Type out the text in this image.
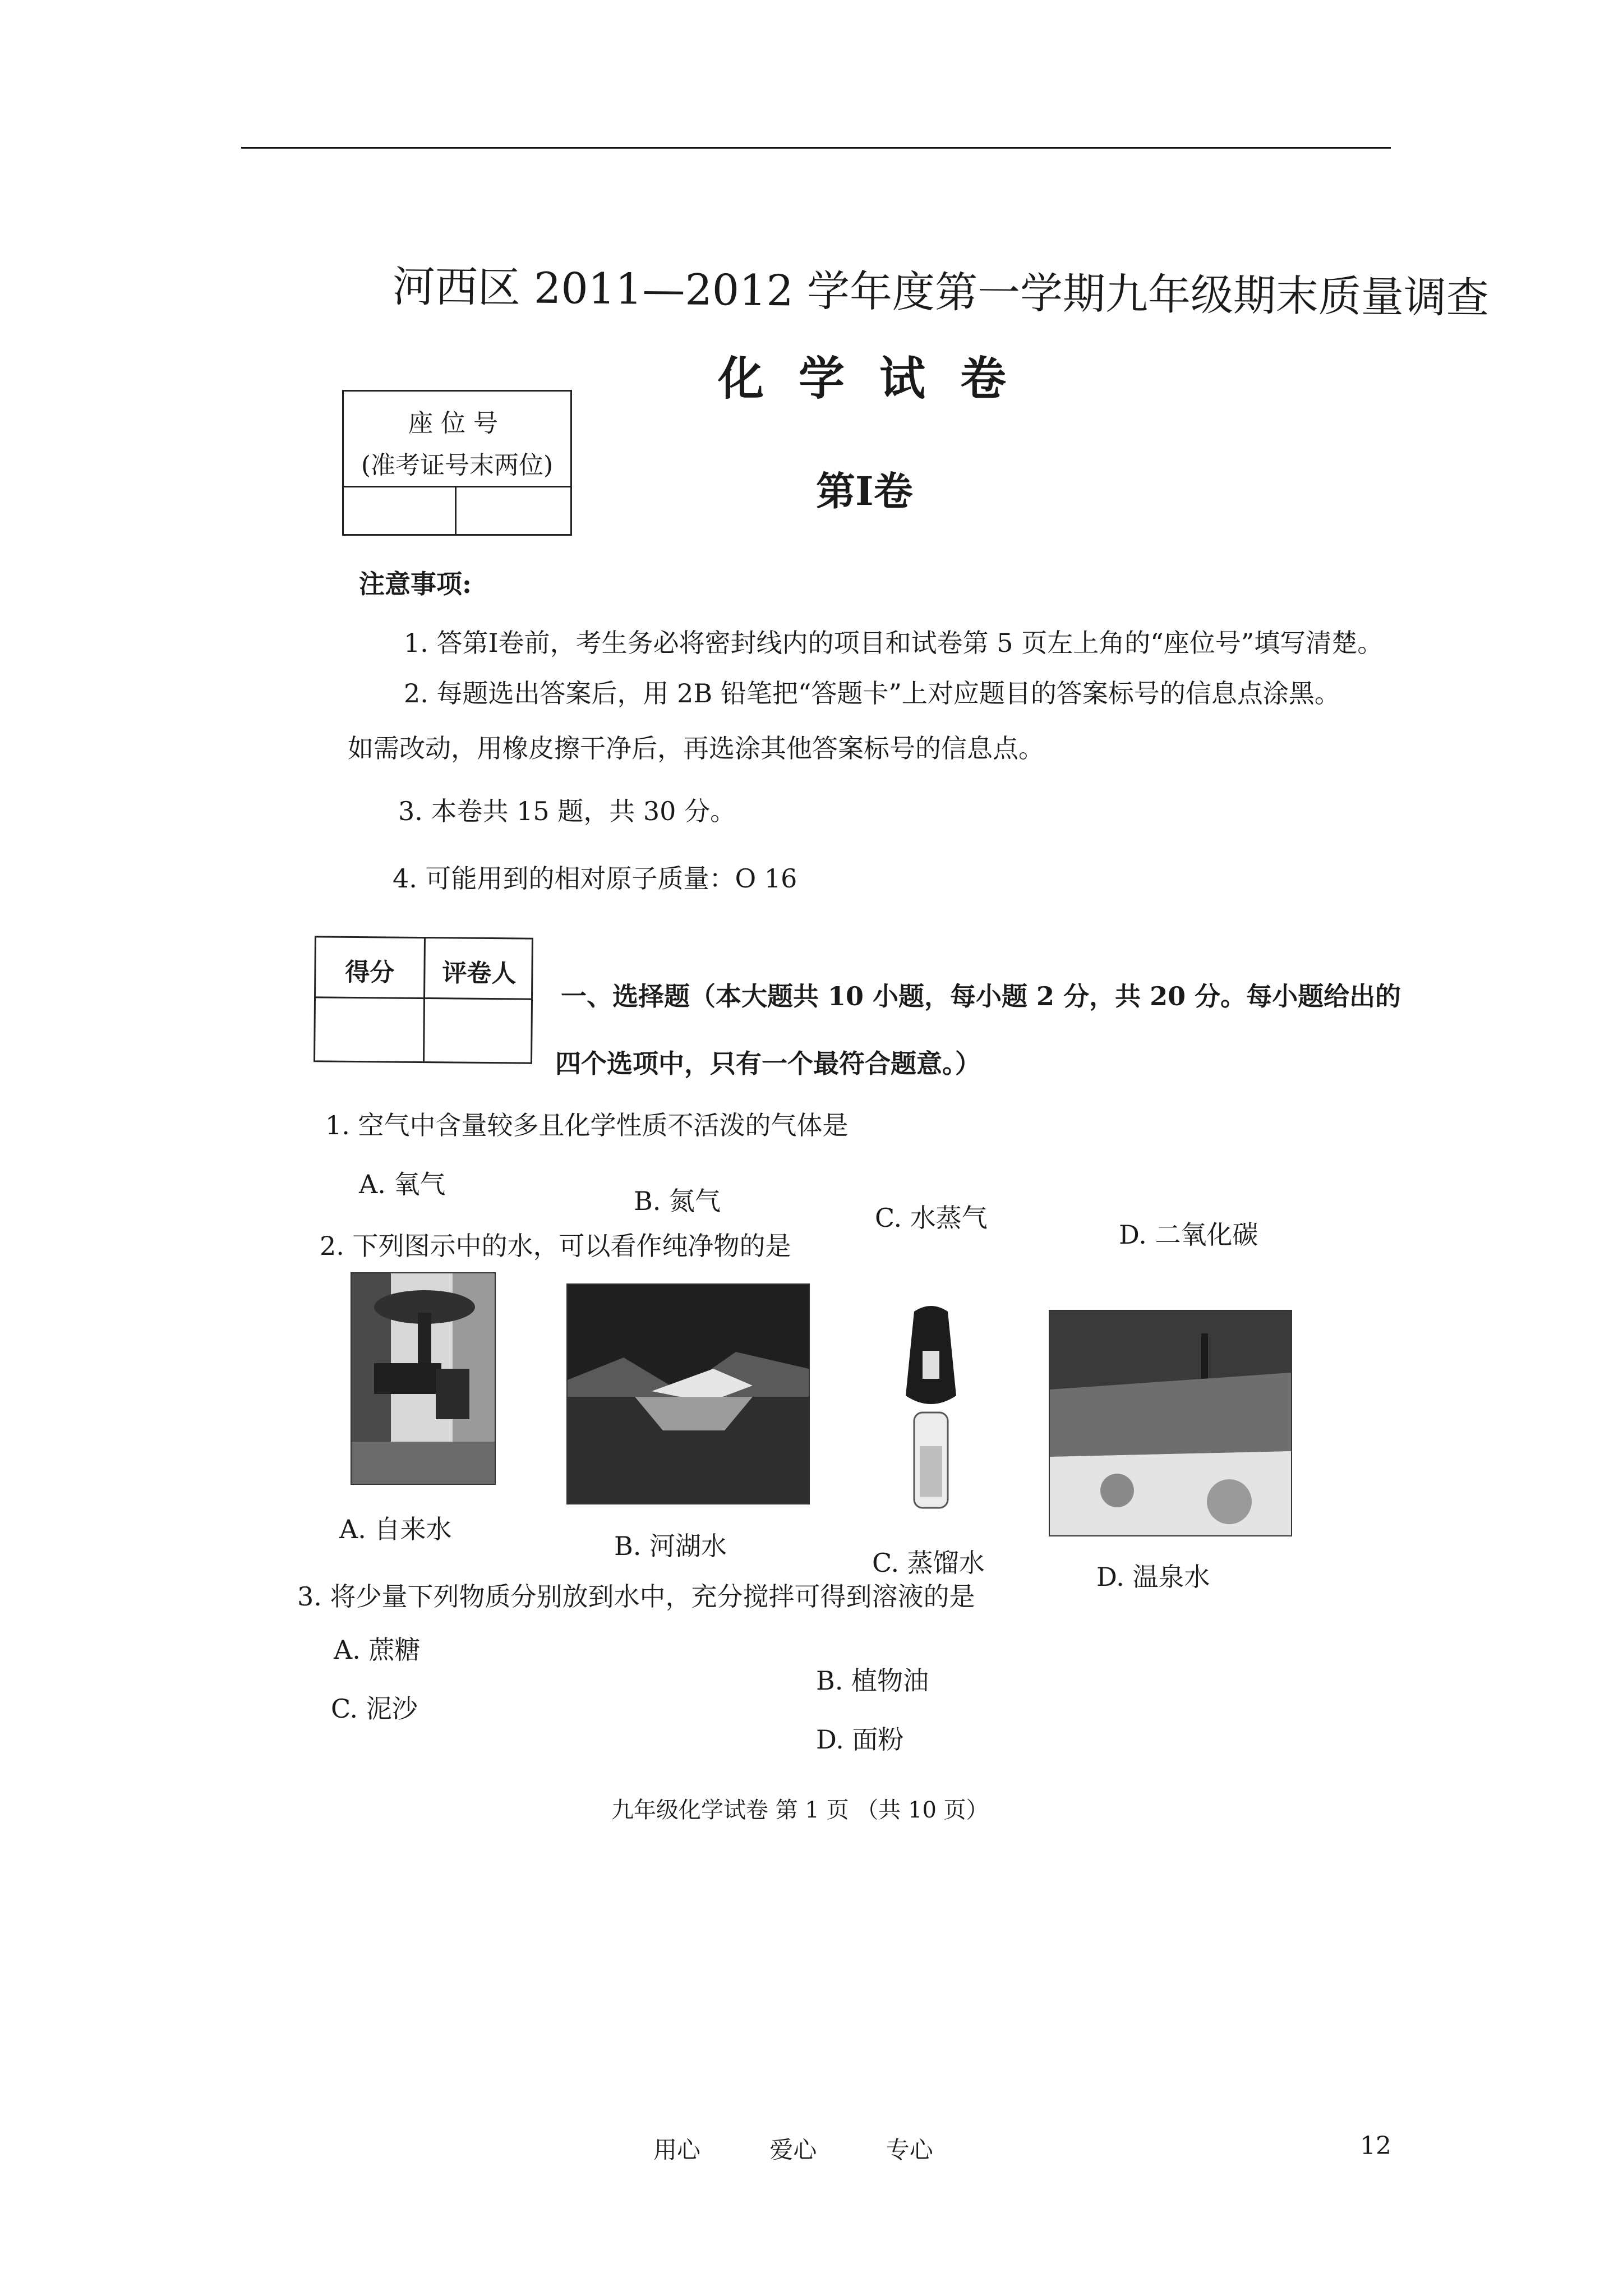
河西区 2011—2012 学年度第一学期九年级期末质量调查
化学试卷
座位号
(准考证号末两位)
第Ⅰ卷
注意事项:
1. 答第Ⅰ卷前，考生务必将密封线内的项目和试卷第 5 页左上角的“座位号”填写清楚。
2. 每题选出答案后，用 2B 铅笔把“答题卡”上对应题目的答案标号的信息点涂黑。
如需改动，用橡皮擦干净后，再选涂其他答案标号的信息点。
3. 本卷共 15 题，共 30 分。
4. 可能用到的相对原子质量：O 16
得分	评卷人
一、选择题（本大题共 10 小题，每小题 2 分，共 20 分。每小题给出的
四个选项中，只有一个最符合题意。）
1. 空气中含量较多且化学性质不活泼的气体是
A. 氧气
B. 氮气
C. 水蒸气
D. 二氧化碳
2. 下列图示中的水，可以看作纯净物的是
A. 自来水
B. 河湖水
C. 蒸馏水	D. 温泉水
3. 将少量下列物质分别放到水中，充分搅拌可得到溶液的是
A. 蔗糖
B. 植物油
C. 泥沙
D. 面粉
九年级化学试卷 第 1 页 （共 10 页）
用心	爱心	专心	12
